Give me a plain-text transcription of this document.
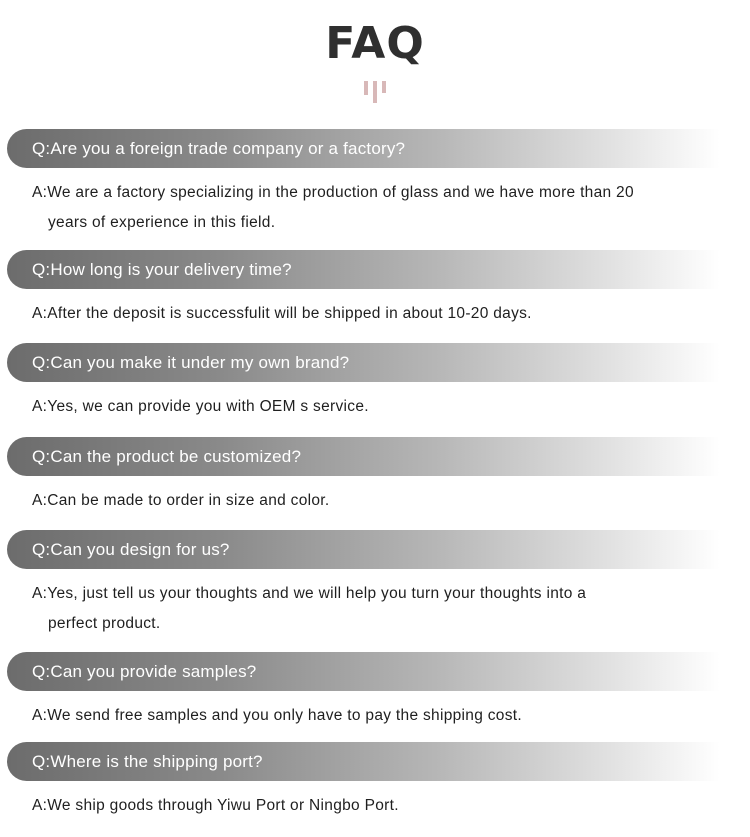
FAQ
Q:Are you a foreign trade company or a factory?
A:We are a factory specializing in the production of glass and we have more than 20
years of experience in this field.
Q:How long is your delivery time?
A:After the deposit is successfulit will be shipped in about 10-20 days.
Q:Can you make it under my own brand?
A:Yes, we can provide you with OEM s service.
Q:Can the product be customized?
A:Can be made to order in size and color.
Q:Can you design for us?
A:Yes, just tell us your thoughts and we will help you turn your thoughts into a
perfect product.
Q:Can you provide samples?
A:We send free samples and you only have to pay the shipping cost.
Q:Where is the shipping port?
A:We ship goods through Yiwu Port or Ningbo Port.
